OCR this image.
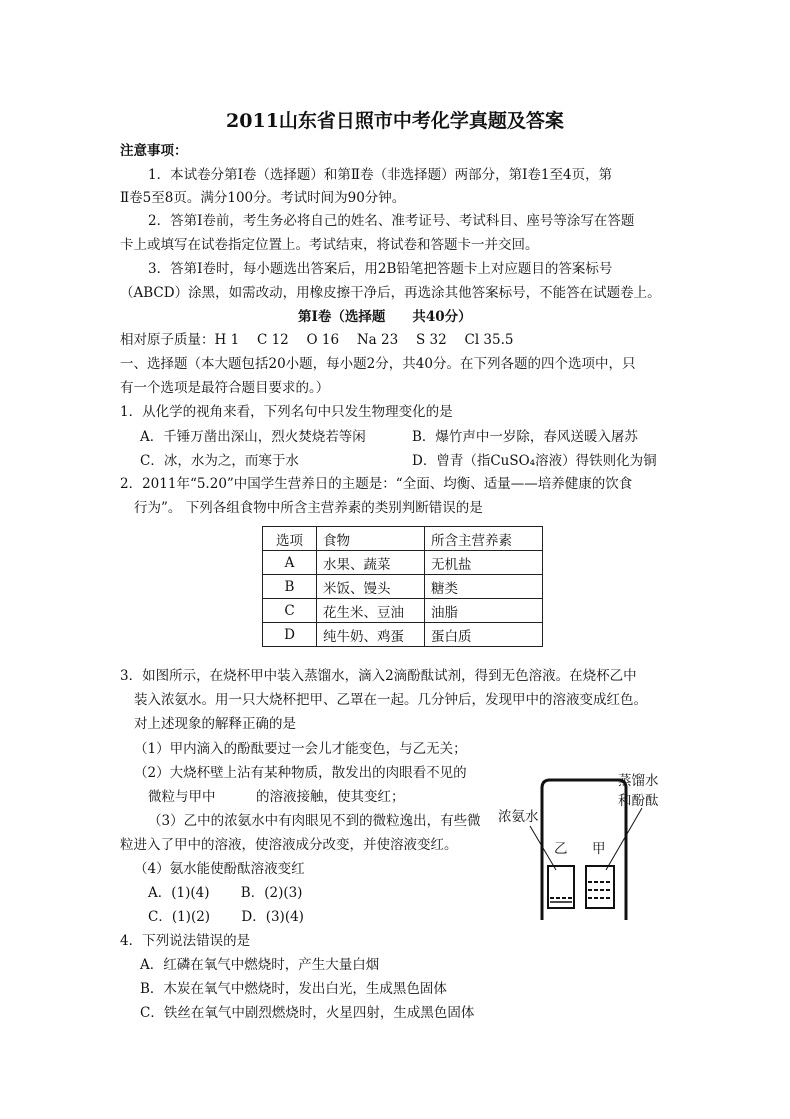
2011山东省日照市中考化学真题及答案
注意事项：
1．本试卷分第Ⅰ卷（选择题）和第Ⅱ卷（非选择题）两部分，第Ⅰ卷1至4页，第
Ⅱ卷5至8页。满分100分。考试时间为90分钟。
2．答第Ⅰ卷前，考生务必将自己的姓名、准考证号、考试科目、座号等涂写在答题
卡上或填写在试卷指定位置上。考试结束，将试卷和答题卡一并交回。
3．答第Ⅰ卷时，每小题选出答案后，用2B铅笔把答题卡上对应题目的答案标号
（ABCD）涂黑，如需改动，用橡皮擦干净后，再选涂其他答案标号，不能答在试题卷上。
第Ⅰ卷（选择题　　共40分）
相对原子质量：H 1　 C 12　 O 16　 Na 23　 S 32　 Cl 35.5
一、选择题（本大题包括20小题，每小题2分，共40分。在下列各题的四个选项中，只
有一个选项是最符合题目要求的。）
1．从化学的视角来看，下列名句中只发生物理变化的是
A．千锤万凿出深山，烈火焚烧若等闲	B．爆竹声中一岁除，春风送暖入屠苏
C．冰，水为之，而寒于水	D．曾青（指CuSO₄溶液）得铁则化为铜
2．2011年“5.20”中国学生营养日的主题是：“全面、均衡、适量——培养健康的饮食
行为”。 下列各组食物中所含主营养素的类别判断错误的是
选项	食物	所含主营养素
A	水果、蔬菜	无机盐
B	米饭、馒头	糖类
C	花生米、豆油	油脂
D	纯牛奶、鸡蛋	蛋白质
3．如图所示，在烧杯甲中装入蒸馏水，滴入2滴酚酞试剂，得到无色溶液。在烧杯乙中
装入浓氨水。用一只大烧杯把甲、乙罩在一起。几分钟后，发现甲中的溶液变成红色。
对上述现象的解释正确的是
（1）甲内滴入的酚酞要过一会儿才能变色，与乙无关；
（2）大烧杯壁上沾有某种物质，散发出的肉眼看不见的
微粒与甲中　　　的溶液接触，使其变红；
（3）乙中的浓氨水中有肉眼见不到的微粒逸出，有些微
粒进入了甲中的溶液，使溶液成分改变，并使溶液变红。
（4）氨水能使酚酞溶液变红
A．(1)(4)　　 B．(2)(3)
C．(1)(2)　　 D．(3)(4)
蒸馏水
和酚酞
浓氨水
乙 甲
4．下列说法错误的是
A．红磷在氧气中燃烧时，产生大量白烟
B．木炭在氧气中燃烧时，发出白光，生成黑色固体
C．铁丝在氧气中剧烈燃烧时，火星四射，生成黑色固体
